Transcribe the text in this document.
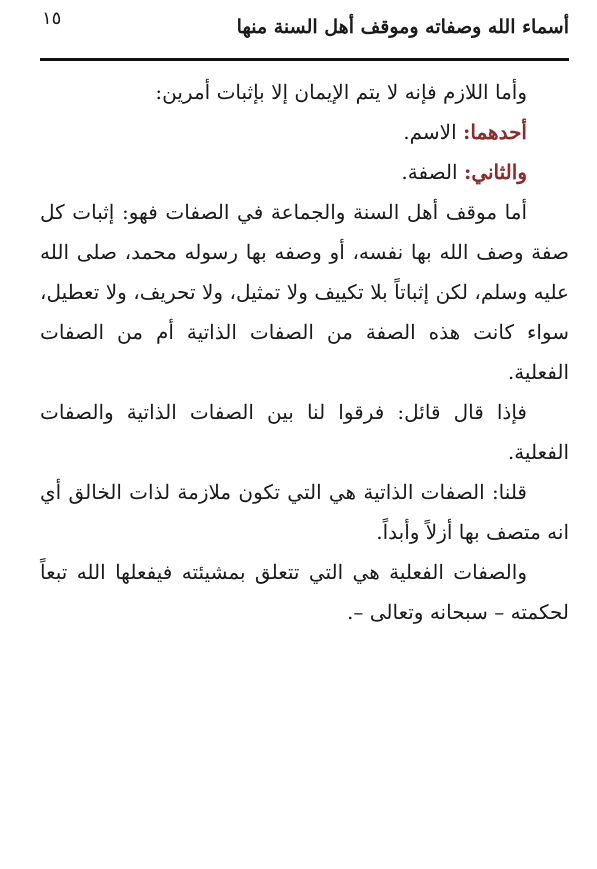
١٥	أسماء الله وصفاته وموقف أهل السنة منها

وأما اللازم فإنه لا يتم الإيمان إلا بإثبات أمرين:

أحدهما: الاسم.

والثاني: الصفة.

أما موقف أهل السنة والجماعة في الصفات فهو: إثبات كل صفة وصف الله بها نفسه، أو وصفه بها رسوله محمد، صلى الله عليه وسلم، لكن إثباتاً بلا تكييف ولا تمثيل، ولا تحريف، ولا تعطيل، سواء كانت هذه الصفة من الصفات الذاتية أم من الصفات الفعلية.

فإذا قال قائل: فرقوا لنا بين الصفات الذاتية والصفات الفعلية.

قلنا: الصفات الذاتية هي التي تكون ملازمة لذات الخالق أي انه متصف بها أزلاً وأبداً.

والصفات الفعلية هي التي تتعلق بمشيئته فيفعلها الله تبعاً لحكمته – سبحانه وتعالى –.
